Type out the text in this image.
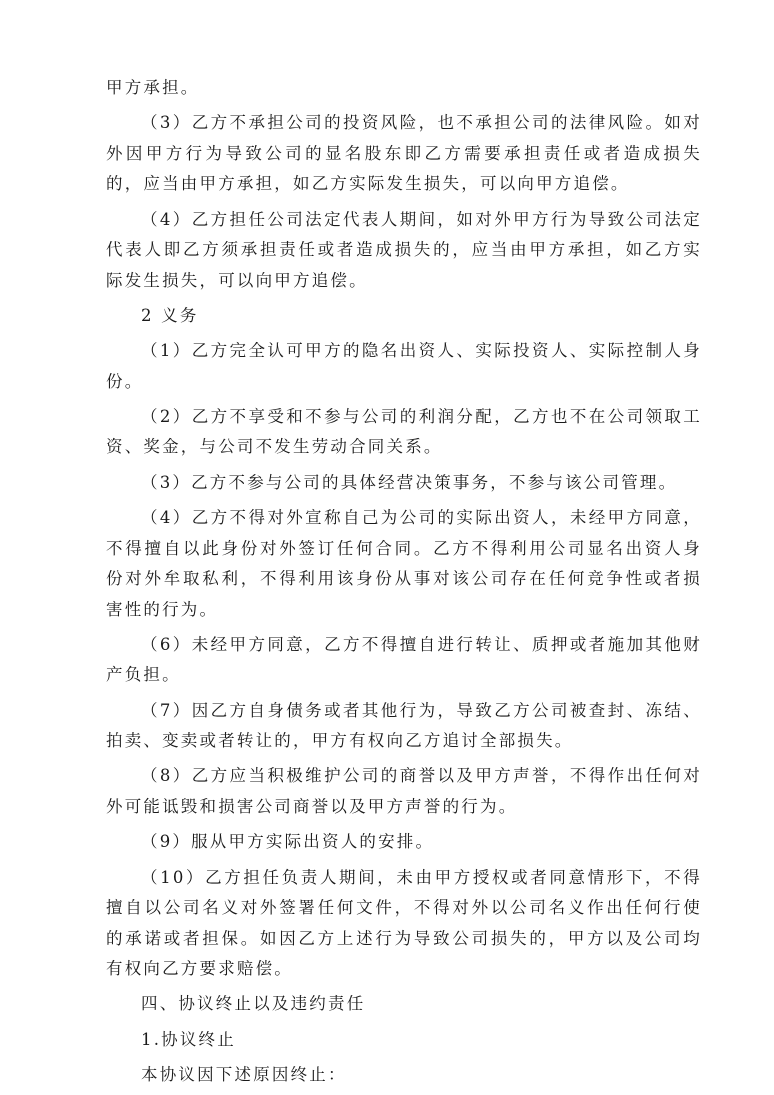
甲方承担。

（3）乙方不承担公司的投资风险，也不承担公司的法律风险。如对外因甲方行为导致公司的显名股东即乙方需要承担责任或者造成损失的，应当由甲方承担，如乙方实际发生损失，可以向甲方追偿。

（4）乙方担任公司法定代表人期间，如对外甲方行为导致公司法定代表人即乙方须承担责任或者造成损失的，应当由甲方承担，如乙方实际发生损失，可以向甲方追偿。

2 义务

（1）乙方完全认可甲方的隐名出资人、实际投资人、实际控制人身份。

（2）乙方不享受和不参与公司的利润分配，乙方也不在公司领取工资、奖金，与公司不发生劳动合同关系。

（3）乙方不参与公司的具体经营决策事务，不参与该公司管理。

（4）乙方不得对外宣称自己为公司的实际出资人，未经甲方同意，不得擅自以此身份对外签订任何合同。乙方不得利用公司显名出资人身份对外牟取私利，不得利用该身份从事对该公司存在任何竞争性或者损害性的行为。

（6）未经甲方同意，乙方不得擅自进行转让、质押或者施加其他财产负担。

（7）因乙方自身债务或者其他行为，导致乙方公司被查封、冻结、拍卖、变卖或者转让的，甲方有权向乙方追讨全部损失。

（8）乙方应当积极维护公司的商誉以及甲方声誉，不得作出任何对外可能诋毁和损害公司商誉以及甲方声誉的行为。

（9）服从甲方实际出资人的安排。

（10）乙方担任负责人期间，未由甲方授权或者同意情形下，不得擅自以公司名义对外签署任何文件，不得对外以公司名义作出任何行使的承诺或者担保。如因乙方上述行为导致公司损失的，甲方以及公司均有权向乙方要求赔偿。

四、协议终止以及违约责任

1.协议终止

本协议因下述原因终止：
